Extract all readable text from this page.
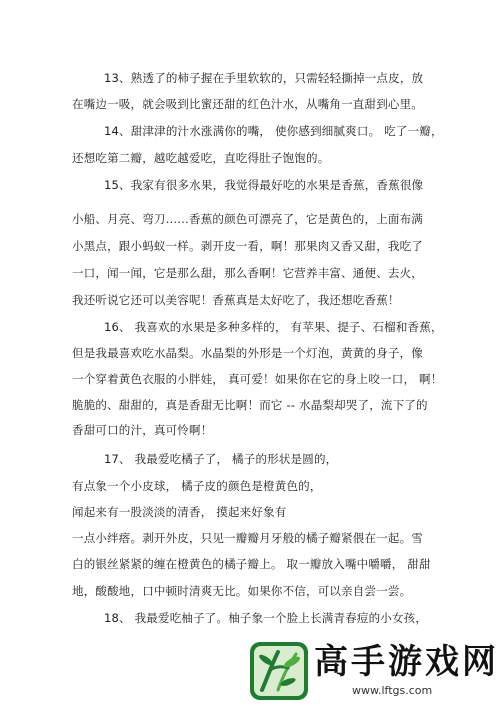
13、熟透了的柿子握在手里软软的，只需轻轻撕掉一点皮，放
在嘴边一吸，就会吸到比蜜还甜的红色汁水，从嘴角一直甜到心里。
14、甜津津的汁水涨满你的嘴， 使你感到细腻爽口。 吃了一瓣，
还想吃第二瓣，越吃越爱吃，直吃得肚子饱饱的。
15、我家有很多水果，我觉得最好吃的水果是香蕉，香蕉很像
小船、月亮、弯刀……香蕉的颜色可漂亮了，它是黄色的，上面布满
小黑点，跟小蚂蚁一样。剥开皮一看，啊！那果肉又香又甜，我吃了
一口，闻一闻，它是那么甜，那么香啊！它营养丰富、通便、去火，
我还听说它还可以美容呢！香蕉真是太好吃了，我还想吃香蕉！
16、 我喜欢的水果是多种多样的， 有苹果、提子、石榴和香蕉，
但是我最喜欢吃水晶梨。水晶梨的外形是一个灯泡，黄黄的身子，像
一个穿着黄色衣服的小胖娃， 真可爱！如果你在它的身上咬一口， 啊！
脆脆的、甜甜的，真是香甜无比啊！而它 -- 水晶梨却哭了，流下了的
香甜可口的汁，真可怜啊！
17、 我最爱吃橘子了， 橘子的形状是圆的，
有点象一个小皮球， 橘子皮的颜色是橙黄色的，
闻起来有一股淡淡的清香， 摸起来好象有
一点小绊瘩。剥开外皮，只见一瓣瓣月牙般的橘子瓣紧偎在一起。雪
白的银丝紧紧的缠在橙黄色的橘子瓣上。 取一瓣放入嘴中嚼嚼， 甜甜
地，酸酸地，口中顿时清爽无比。如果你不信，可以亲自尝一尝。
18、 我最爱吃柚子了。柚子象一个脸上长满青春痘的小女孩，
高手游戏网
www.lftgs.com
